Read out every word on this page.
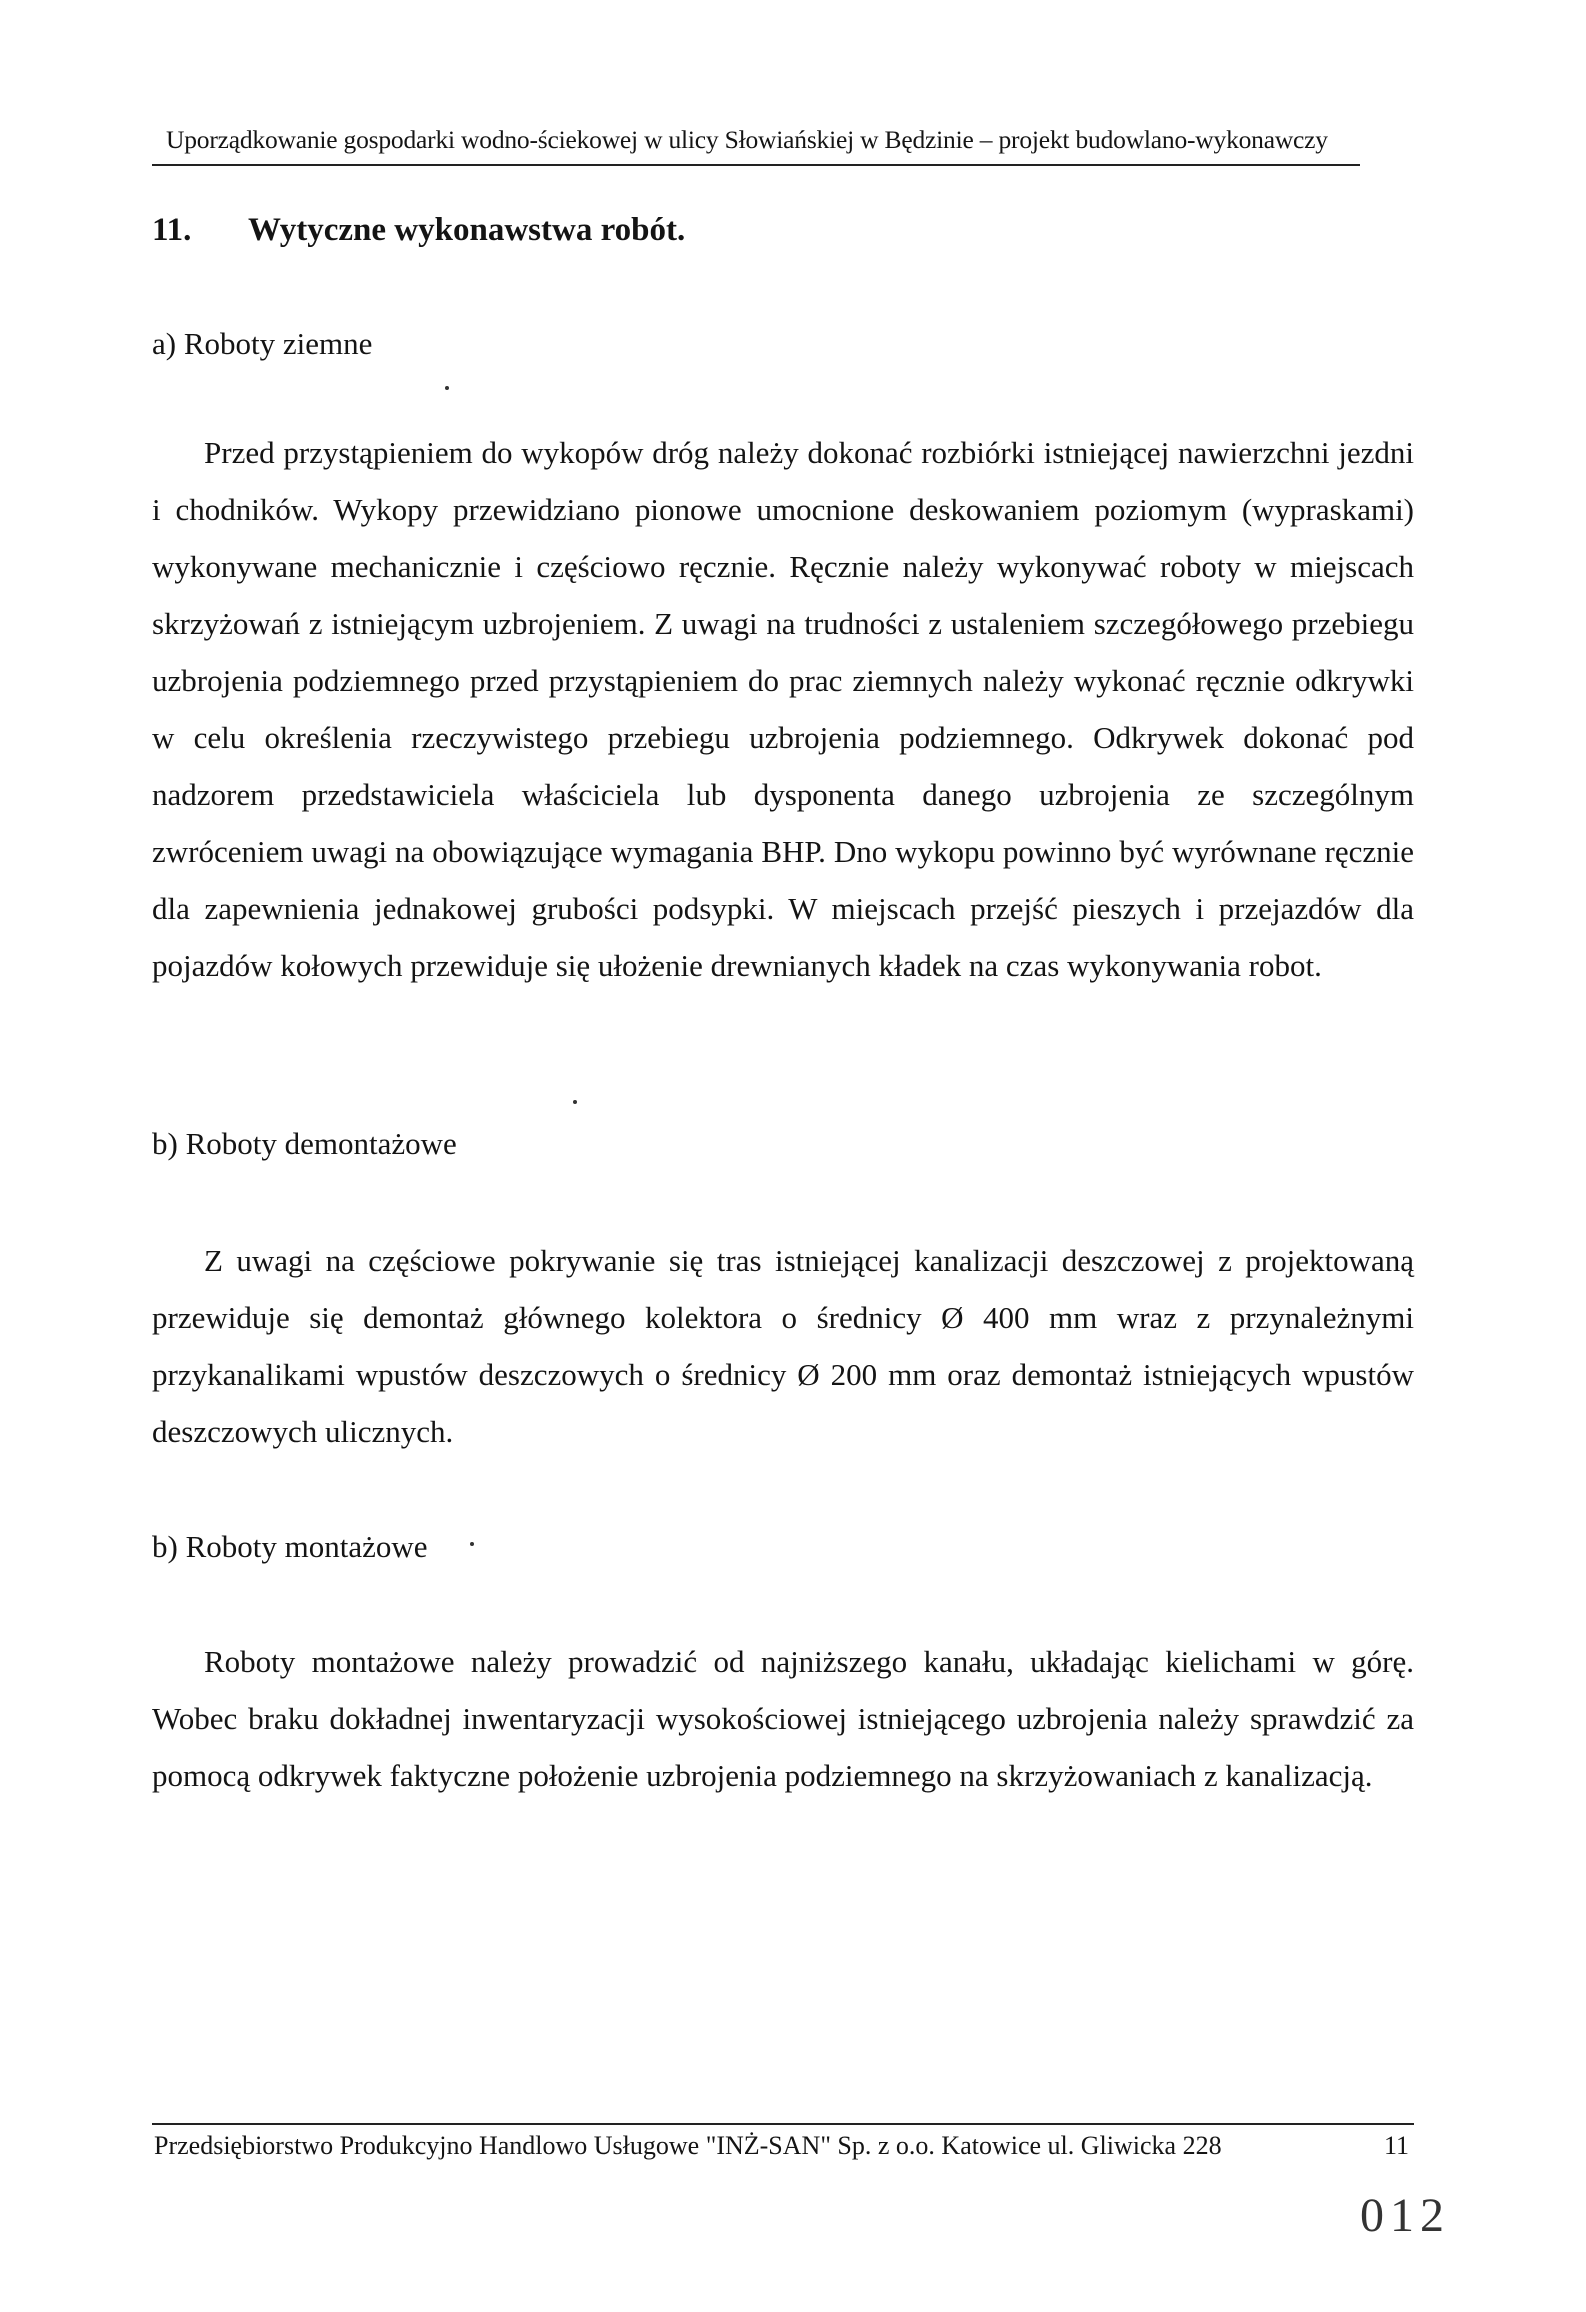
Uporządkowanie gospodarki wodno-ściekowej w ulicy Słowiańskiej w Będzinie – projekt budowlano-wykonawczy
11. Wytyczne wykonawstwa robót.
a) Roboty ziemne

Przed przystąpieniem do wykopów dróg należy dokonać rozbiórki istniejącej nawierzchni jezdni i chodników. Wykopy przewidziano pionowe umocnione deskowaniem poziomym (wypraskami) wykonywane mechanicznie i częściowo ręcznie. Ręcznie należy wykonywać roboty w miejscach skrzyżowań z istniejącym uzbrojeniem. Z uwagi na trudności z ustaleniem szczegółowego przebiegu uzbrojenia podziemnego przed przystąpieniem do prac ziemnych należy wykonać ręcznie odkrywki w celu określenia rzeczywistego przebiegu uzbrojenia podziemnego. Odkrywek dokonać pod nadzorem przedstawiciela właściciela lub dysponenta danego uzbrojenia ze szczególnym zwróceniem uwagi na obowiązujące wymagania BHP. Dno wykopu powinno być wyrównane ręcznie dla zapewnienia jednakowej grubości podsypki. W miejscach przejść pieszych i przejazdów dla pojazdów kołowych przewiduje się ułożenie drewnianych kładek na czas wykonywania robot.

b) Roboty demontażowe

Z uwagi na częściowe pokrywanie się tras istniejącej kanalizacji deszczowej z projektowaną przewiduje się demontaż głównego kolektora o średnicy Ø 400 mm wraz z przynależnymi przykanalikami wpustów deszczowych o średnicy Ø 200 mm oraz demontaż istniejących wpustów deszczowych ulicznych.

b) Roboty montażowe

Roboty montażowe należy prowadzić od najniższego kanału, układając kielichami w górę. Wobec braku dokładnej inwentaryzacji wysokościowej istniejącego uzbrojenia należy sprawdzić za pomocą odkrywek faktyczne położenie uzbrojenia podziemnego na skrzyżowaniach z kanalizacją.

Przedsiębiorstwo Produkcyjno Handlowo Usługowe "INŻ-SAN" Sp. z o.o. Katowice ul. Gliwicka 228	11
012
